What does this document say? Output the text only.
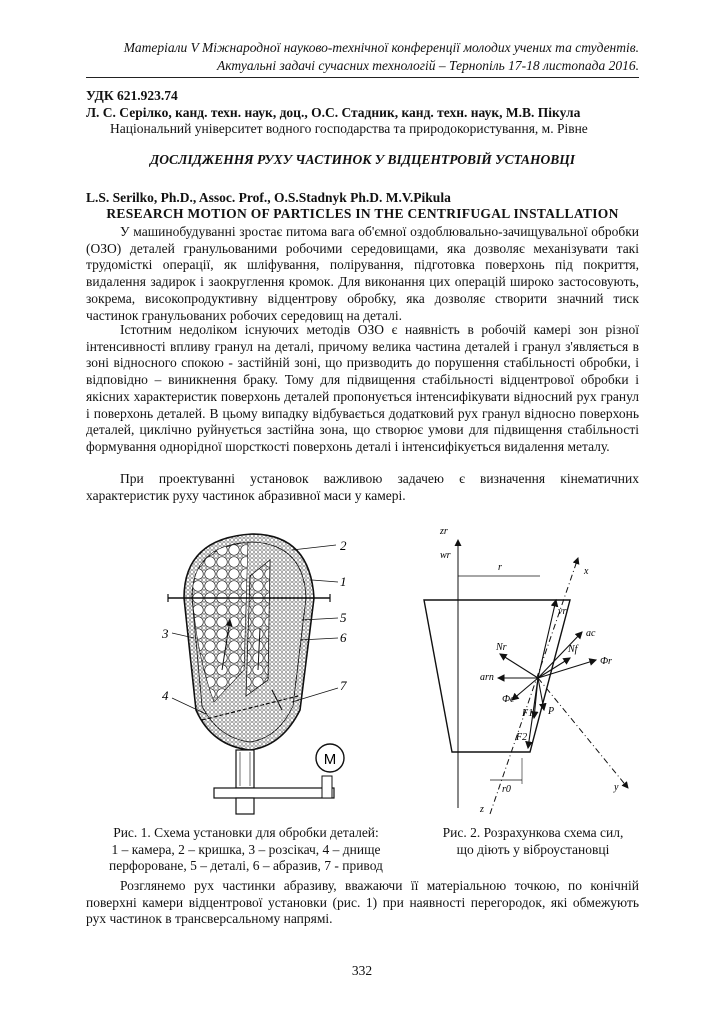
Матеріали V Міжнародної науково-технічної конференції молодих учених та студентів.
Актуальні задачі сучасних технологій – Тернопіль 17-18 листопада 2016.
УДК 621.923.74
Л. С. Серілко, канд. техн. наук, доц., О.С. Стадник, канд. техн. наук, М.В. Пікула
Національний університет водного господарства та природокористування, м. Рівне
ДОСЛІДЖЕННЯ РУХУ ЧАСТИНОК У ВІДЦЕНТРОВІЙ УСТАНОВЦІ
L.S. Serilko, Ph.D., Assoc. Prof., O.S.Stadnyk Ph.D. M.V.Pikula
RESEARCH MOTION OF PARTICLES IN THE CENTRIFUGAL INSTALLATION

У машинобудуванні зростає питома вага об'ємної оздоблювально-зачищувальної обробки (ОЗО) деталей гранульованими робочими середовищами, яка дозволяє механізувати такі трудомісткі операції, як шліфування, полірування, підготовка поверхонь під покриття, видалення задирок і заокруглення кромок. Для виконання цих операцій широко застосовують, зокрема, високопродуктивну відцентрову обробку, яка дозволяє створити значний тиск частинок гранульованих робочих середовищ на деталі.

Істотним недоліком існуючих методів ОЗО є наявність в робочій камері зон різної інтенсивності впливу гранул на деталі, причому велика частина деталей і гранул з'являється в зоні відносного спокою - застійній зоні, що призводить до порушення стабільності обробки, і відповідно – виникнення браку. Тому для підвищення стабільності відцентрової обробки і якісних характеристик поверхонь деталей пропонується інтенсифікувати відносний рух гранул і поверхонь деталей. В цьому випадку відбувається додатковий рух гранул відносно поверхонь деталей, циклічно руйнується застійна зона, що створює умови для підвищення стабільності формування однорідної шорсткості поверхонь деталі і інтенсифікується видалення металу.

При проектуванні установок важливою задачею є визначення кінематичних характеристик руху частинок абразивної маси у камері.

M
2
1
3
4
5
6
7
zr
wr
r	x
vr
ac
Nr	Nf
Фr
arn
Фe
F1 P
F2
y
r0
z
Рис. 1. Схема установки для обробки деталей:
1 – камера, 2 – кришка, 3 – розсікач, 4 – днище
перфороване, 5 – деталі, 6 – абразив, 7 - привод
Рис. 2. Розрахункова схема сил,
що діють у віброустановці

Розглянемо рух частинки абразиву, вважаючи її матеріальною точкою, по конічній поверхні камери відцентрової установки (рис. 1) при наявності перегородок, які обмежують рух частинок в трансверсальному напрямі.

332
